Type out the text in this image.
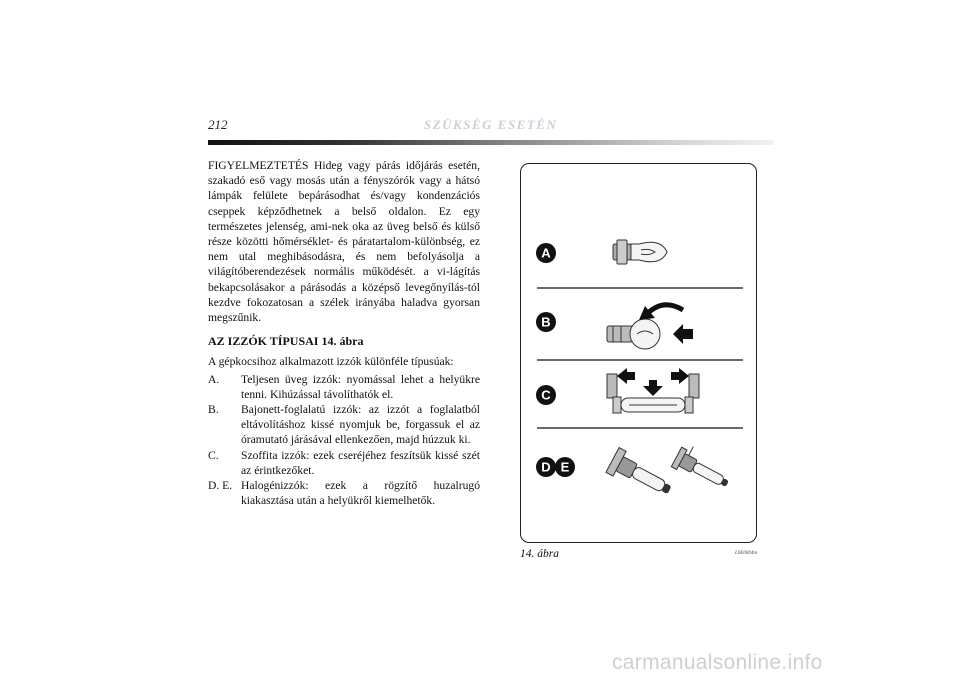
212	SZÜKSÉG ESETÉN

FIGYELMEZTETÉS Hideg vagy párás időjárás esetén, szakadó eső vagy mosás után a fényszórók vagy a hátsó lámpák felülete bepárásodhat és/vagy kondenzációs cseppek képződhetnek a belső oldalon. Ez egy természetes jelenség, ami-nek oka az üveg belső és külső része közötti hőmérséklet- és páratartalom-különbség, ez nem utal meghibásodásra, és nem befolyásolja a világítóberendezések normális működését. a vi-lágítás bekapcsolásakor a párásodás a középső levegőnyílás-tól kezdve fokozatosan a szélek irányába haladva gyorsan megszűnik.

AZ IZZÓK TÍPUSAI 14. ábra

A gépkocsihoz alkalmazott izzók különféle típusúak:

A.	Teljesen üveg izzók: nyomással lehet a helyükre tenni. Kihúzással távolíthatók el.
B.	Bajonett-foglalatú izzók: az izzót a foglalatból eltávolításhoz kissé nyomjuk be, forgassuk el az óramutató járásával ellenkezően, majd húzzuk ki.
C.	Szoffita izzók: ezek cseréjéhez feszítsük kissé szét az érintkezőket.
D. E. Halogénizzók: ezek a rögzítő huzalrugó kiakasztása után a helyükről kiemelhetők.
A
B
C
D E
14. ábra	L0E0004m
carmanualsonline.info
